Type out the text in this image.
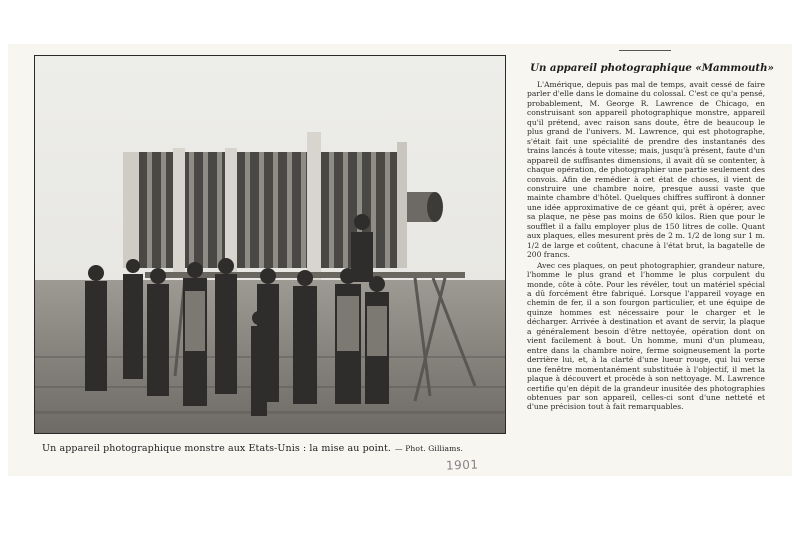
Un appareil photographique monstre aux Etats-Unis : la mise au point. — Phot. Gilliams.
Un appareil photographique «Mammouth»

L'Amérique, depuis pas mal de temps, avait cessé de faire parler d'elle dans le domaine du colossal. C'est ce qu'a pensé, probablement, M. George R. Lawrence de Chicago, en construisant son appareil photographique monstre, appareil qu'il prétend, avec raison sans doute, être de beaucoup le plus grand de l'univers. M. Lawrence, qui est photographe, s'était fait une spécialité de prendre des instantanés des trains lancés à toute vitesse; mais, jusqu'à présent, faute d'un appareil de suffisantes dimensions, il avait dû se contenter, à chaque opération, de photographier une partie seulement des convois. Afin de remédier à cet état de choses, il vient de construire une chambre noire, presque aussi vaste que mainte chambre d'hôtel. Quelques chiffres suffiront à donner une idée approximative de ce géant qui, prêt à opérer, avec sa plaque, ne pèse pas moins de 650 kilos. Rien que pour le soufflet il a fallu employer plus de 150 litres de colle. Quant aux plaques, elles mesurent près de 2 m. 1/2 de long sur 1 m. 1/2 de large et coûtent, chacune à l'état brut, la bagatelle de 200 francs.

Avec ces plaques, on peut photographier, grandeur nature, l'homme le plus grand et l'homme le plus corpulent du monde, côte à côte. Pour les révéler, tout un matériel spécial a dû forcément être fabriqué. Lorsque l'appareil voyage en chemin de fer, il a son fourgon particulier, et une équipe de quinze hommes est nécessaire pour le charger et le décharger. Arrivée à destination et avant de servir, la plaque a généralement besoin d'être nettoyée, opération dont on vient facilement à bout. Un homme, muni d'un plumeau, entre dans la chambre noire, ferme soigneusement la porte derrière lui, et, à la clarté d'une lueur rouge, qui lui verse une fenêtre momentanément substituée à l'objectif, il met la plaque à découvert et procède à son nettoyage. M. Lawrence certifie qu'en dépit de la grandeur inusitée des photographies obtenues par son appareil, celles-ci sont d'une netteté et d'une précision tout à fait remarquables.

1901
